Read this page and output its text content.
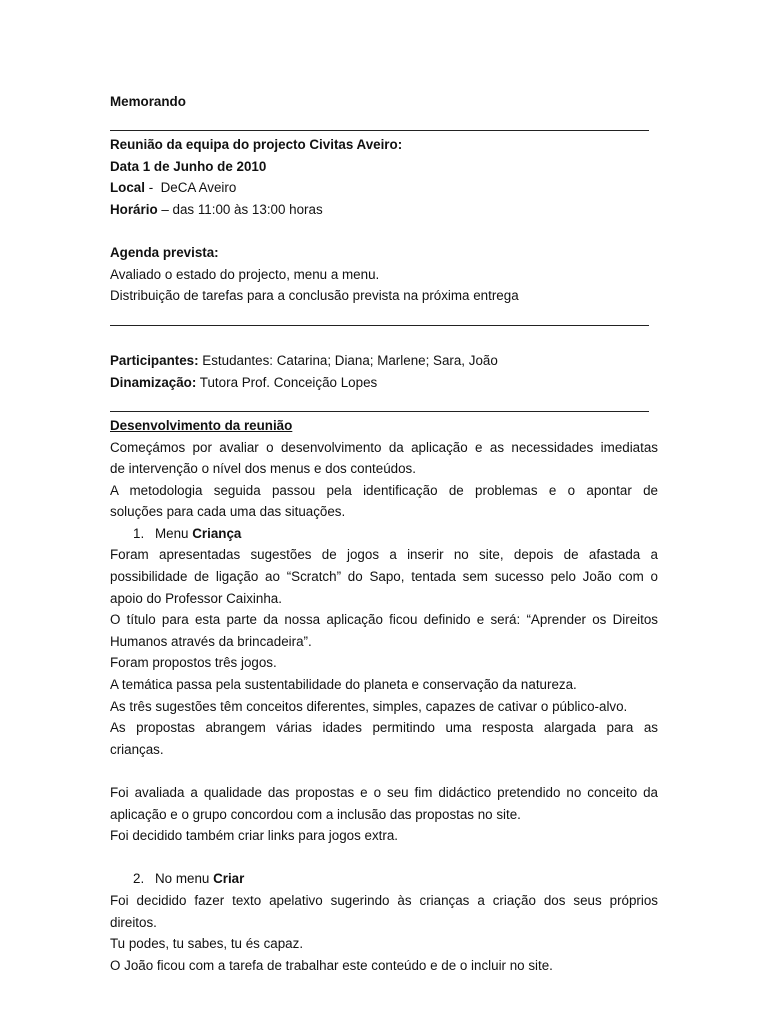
Memorando
Reunião da equipa do projecto Civitas Aveiro:
Data 1 de Junho de 2010
Local -  DeCA Aveiro
Horário – das 11:00 às 13:00 horas
Agenda prevista:
Avaliado o estado do projecto, menu a menu.
Distribuição de tarefas para a conclusão prevista na próxima entrega
Participantes: Estudantes: Catarina; Diana; Marlene; Sara, João
Dinamização: Tutora Prof. Conceição Lopes
Desenvolvimento da reunião
Começámos por avaliar o desenvolvimento da aplicação e as necessidades imediatas
de intervenção o nível dos menus e dos conteúdos.
A metodologia seguida passou pela identificação de problemas e o apontar de
soluções para cada uma das situações.
1. Menu Criança
Foram apresentadas sugestões de jogos a inserir no site, depois de afastada a
possibilidade de ligação ao “Scratch” do Sapo, tentada sem sucesso pelo João com o
apoio do Professor Caixinha.
O título para esta parte da nossa aplicação ficou definido e será: “Aprender os Direitos
Humanos através da brincadeira”.
Foram propostos três jogos.
A temática passa pela sustentabilidade do planeta e conservação da natureza.
As três sugestões têm conceitos diferentes, simples, capazes de cativar o público-alvo.
As propostas abrangem várias idades permitindo uma resposta alargada para as
crianças.
Foi avaliada a qualidade das propostas e o seu fim didáctico pretendido no conceito da
aplicação e o grupo concordou com a inclusão das propostas no site.
Foi decidido também criar links para jogos extra.
2. No menu Criar
Foi decidido fazer texto apelativo sugerindo às crianças a criação dos seus próprios
direitos.
Tu podes, tu sabes, tu és capaz.
O João ficou com a tarefa de trabalhar este conteúdo e de o incluir no site.
